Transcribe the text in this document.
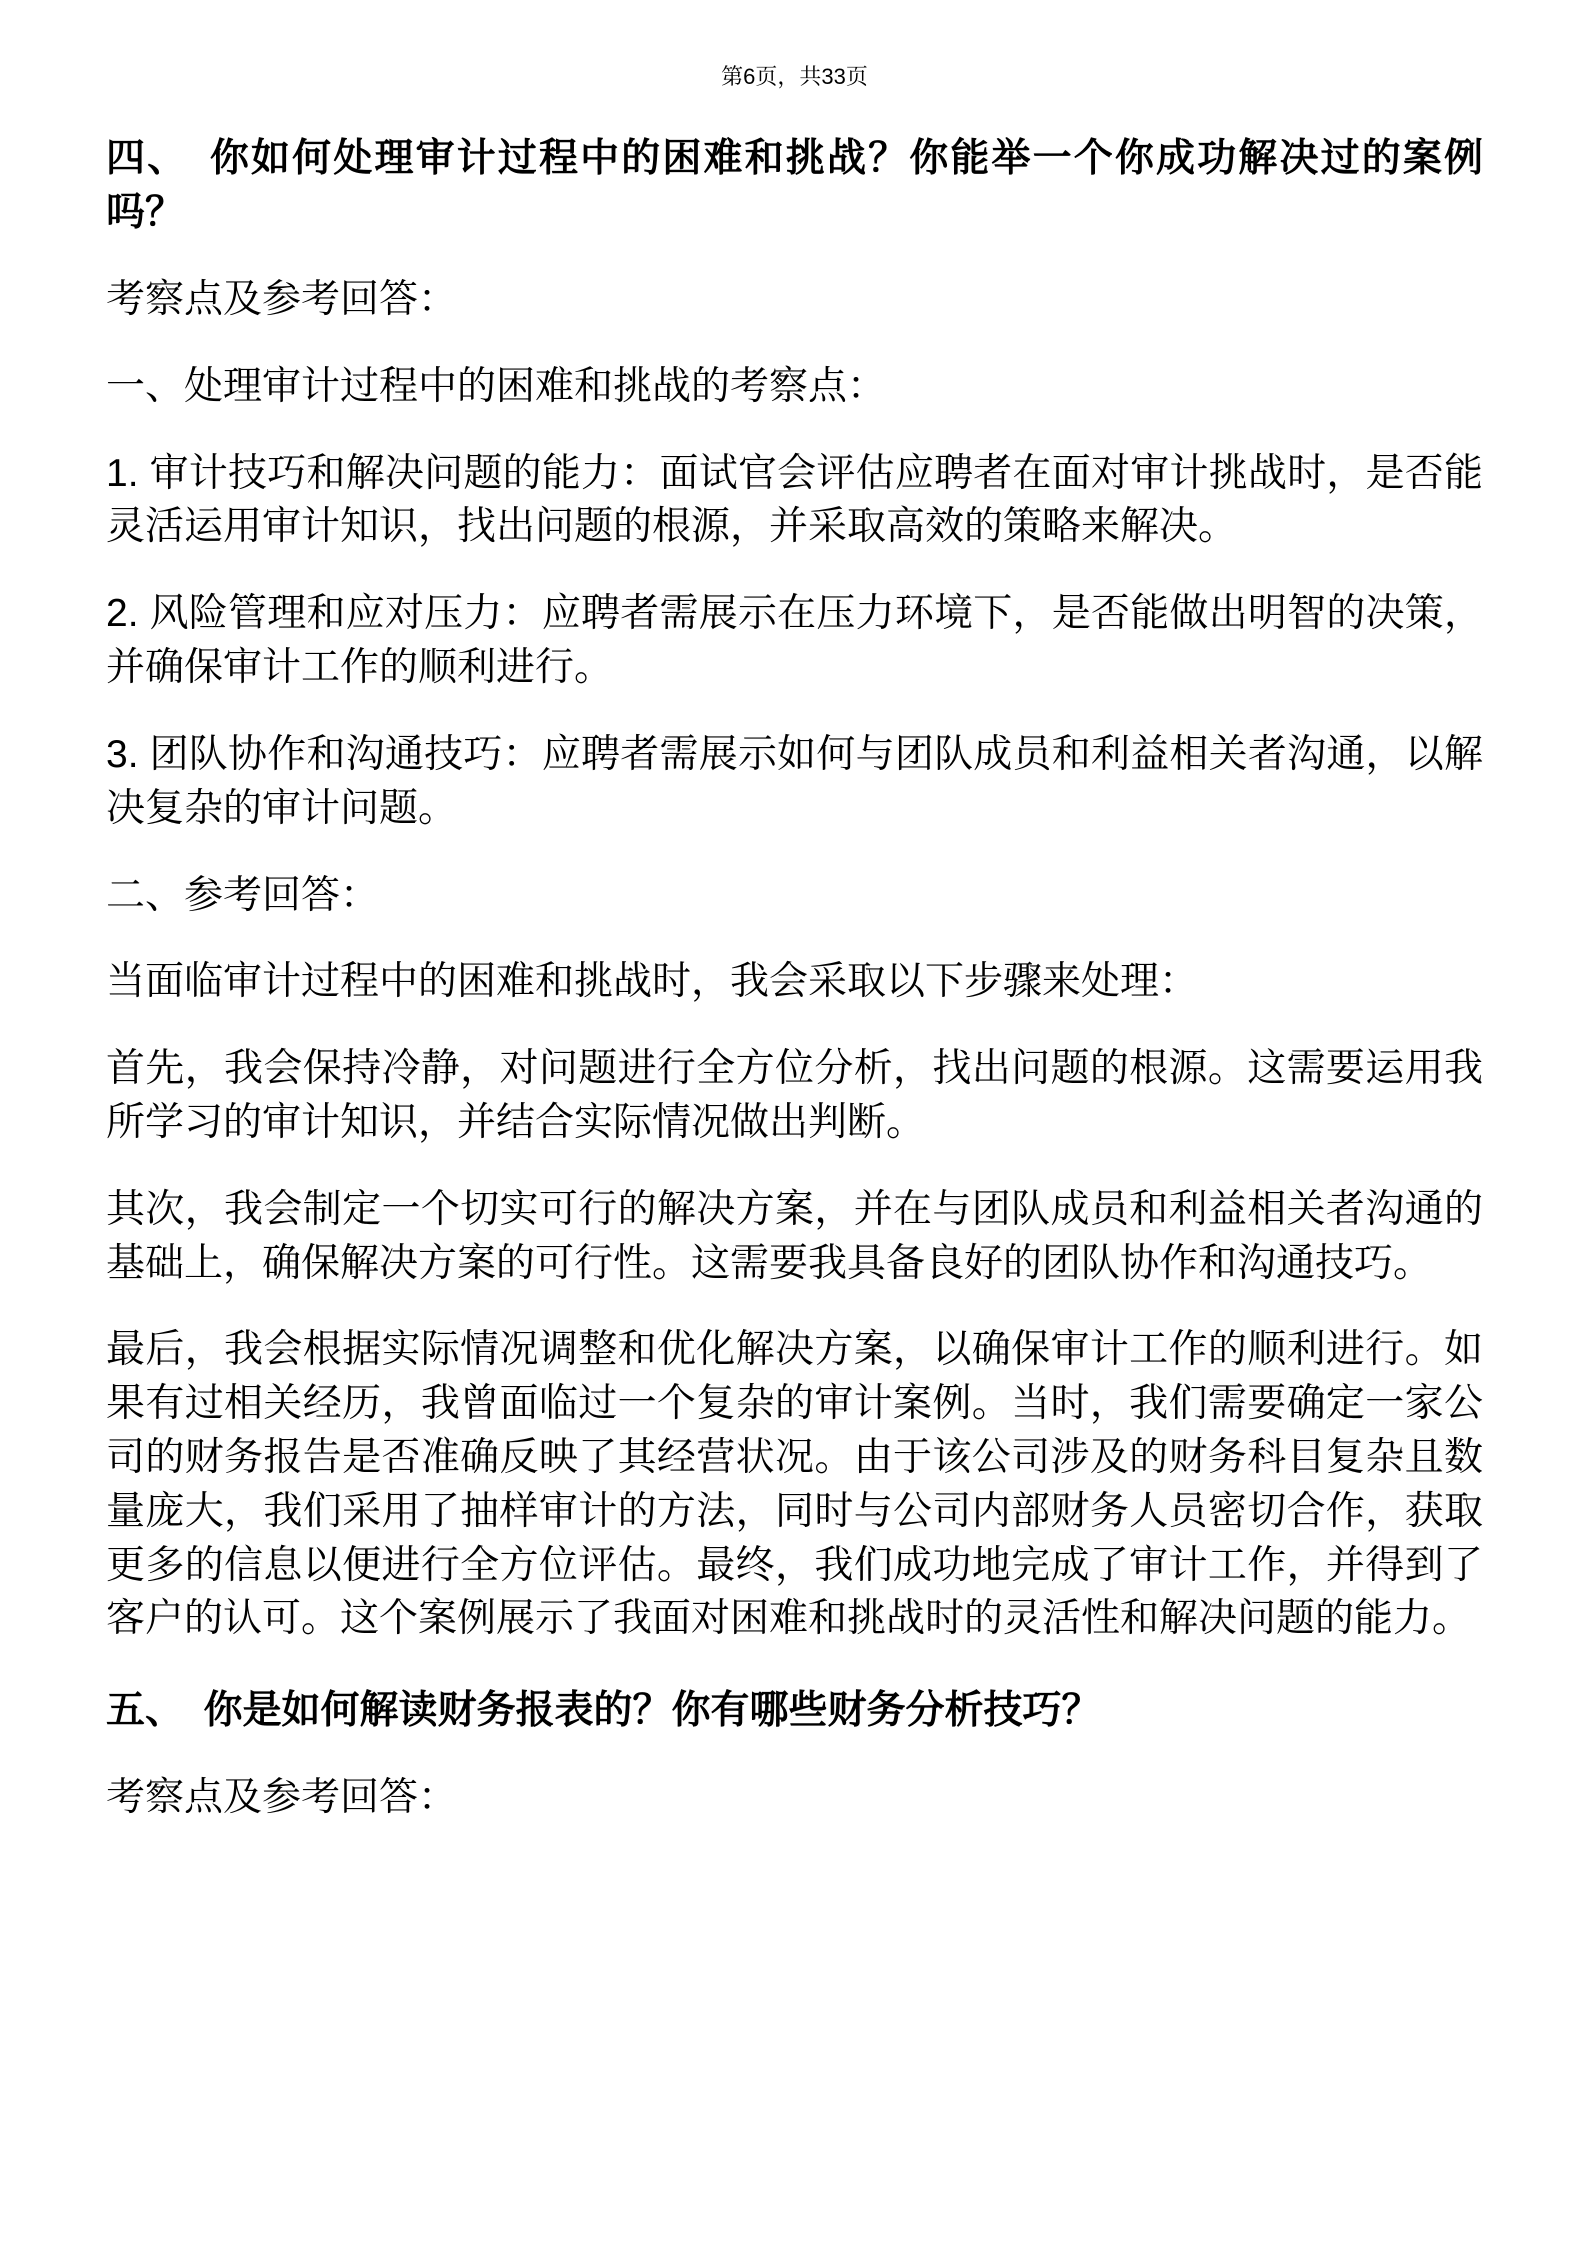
第6页，共33页
四、　你如何处理审计过程中的困难和挑战？你能举一个你成功解决过的案例吗？

考察点及参考回答：

一、处理审计过程中的困难和挑战的考察点：

1. 审计技巧和解决问题的能力：面试官会评估应聘者在面对审计挑战时，是否能灵活运用审计知识，找出问题的根源，并采取高效的策略来解决。

2. 风险管理和应对压力：应聘者需展示在压力环境下，是否能做出明智的决策，并确保审计工作的顺利进行。

3. 团队协作和沟通技巧：应聘者需展示如何与团队成员和利益相关者沟通，以解决复杂的审计问题。

二、参考回答：

当面临审计过程中的困难和挑战时，我会采取以下步骤来处理：

首先，我会保持冷静，对问题进行全方位分析，找出问题的根源。这需要运用我所学习的审计知识，并结合实际情况做出判断。

其次，我会制定一个切实可行的解决方案，并在与团队成员和利益相关者沟通的基础上，确保解决方案的可行性。这需要我具备良好的团队协作和沟通技巧。

最后，我会根据实际情况调整和优化解决方案，以确保审计工作的顺利进行。如果有过相关经历，我曾面临过一个复杂的审计案例。当时，我们需要确定一家公司的财务报告是否准确反映了其经营状况。由于该公司涉及的财务科目复杂且数量庞大，我们采用了抽样审计的方法，同时与公司内部财务人员密切合作，获取更多的信息以便进行全方位评估。最终，我们成功地完成了审计工作，并得到了客户的认可。这个案例展示了我面对困难和挑战时的灵活性和解决问题的能力。

五、　你是如何解读财务报表的？你有哪些财务分析技巧？

考察点及参考回答：
